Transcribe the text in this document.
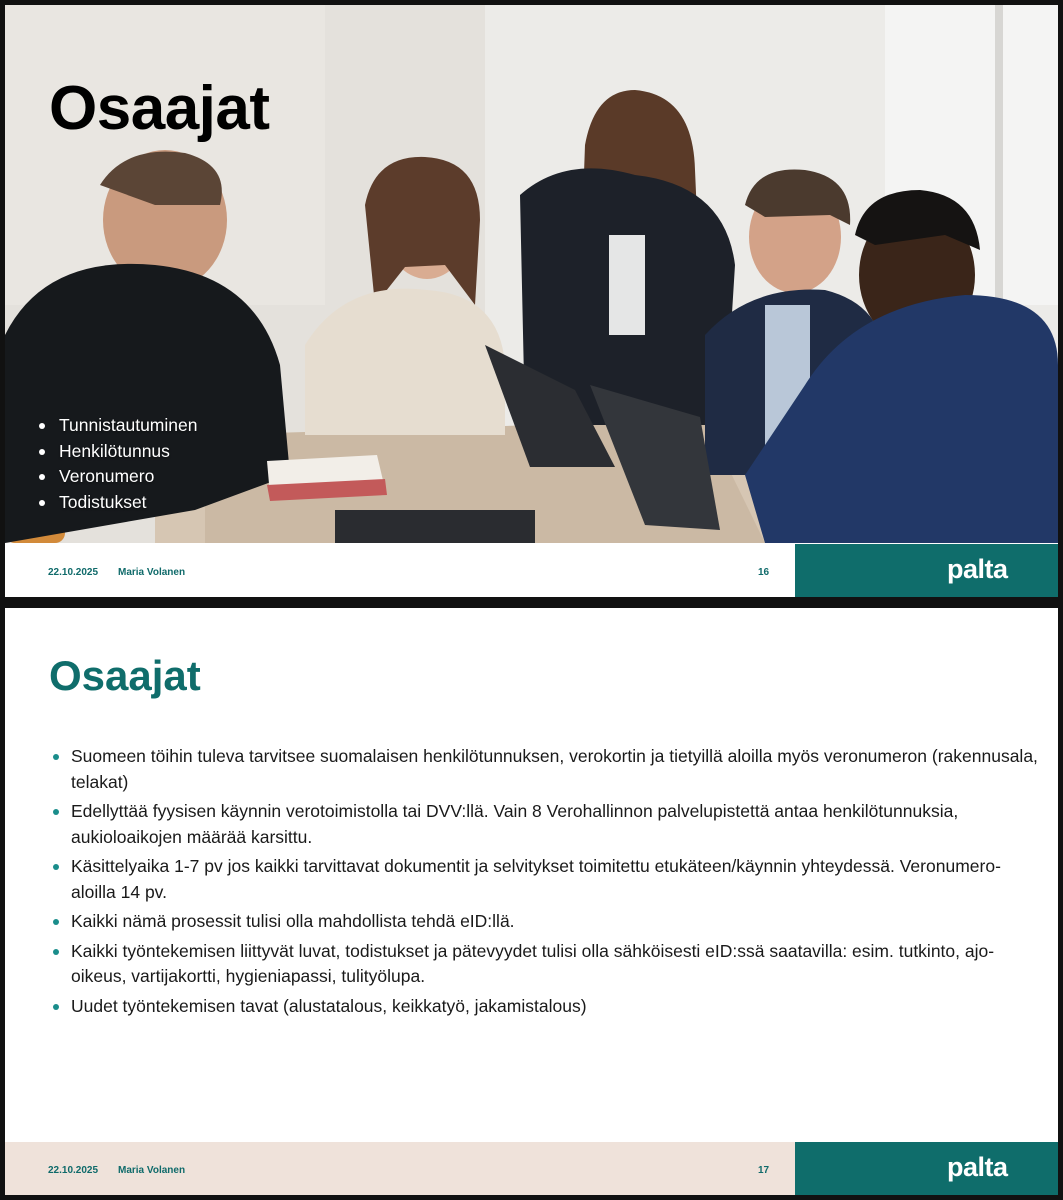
Osaajat
Tunnistautuminen
Henkilötunnus
Veronumero
Todistukset
22.10.2025 Maria Volanen	16	palta
Osaajat
Suomeen töihin tuleva tarvitsee suomalaisen henkilötunnuksen, verokortin ja tietyillä aloilla myös veronumeron (rakennusala, telakat)
Edellyttää fyysisen käynnin verotoimistolla tai DVV:llä. Vain 8 Verohallinnon palvelupistettä antaa henkilötunnuksia, aukioloaikojen määrää karsittu.
Käsittelyaika 1-7 pv jos kaikki tarvittavat dokumentit ja selvitykset toimitettu etukäteen/käynnin yhteydessä. Veronumero-aloilla 14 pv.
Kaikki nämä prosessit tulisi olla mahdollista tehdä eID:llä.
Kaikki työntekemisen liittyvät luvat, todistukset ja pätevyydet tulisi olla sähköisesti eID:ssä saatavilla: esim. tutkinto, ajo-oikeus, vartijakortti, hygieniapassi, tulityölupa.
Uudet työntekemisen tavat (alustatalous, keikkatyö, jakamistalous)
22.10.2025 Maria Volanen	17	palta
